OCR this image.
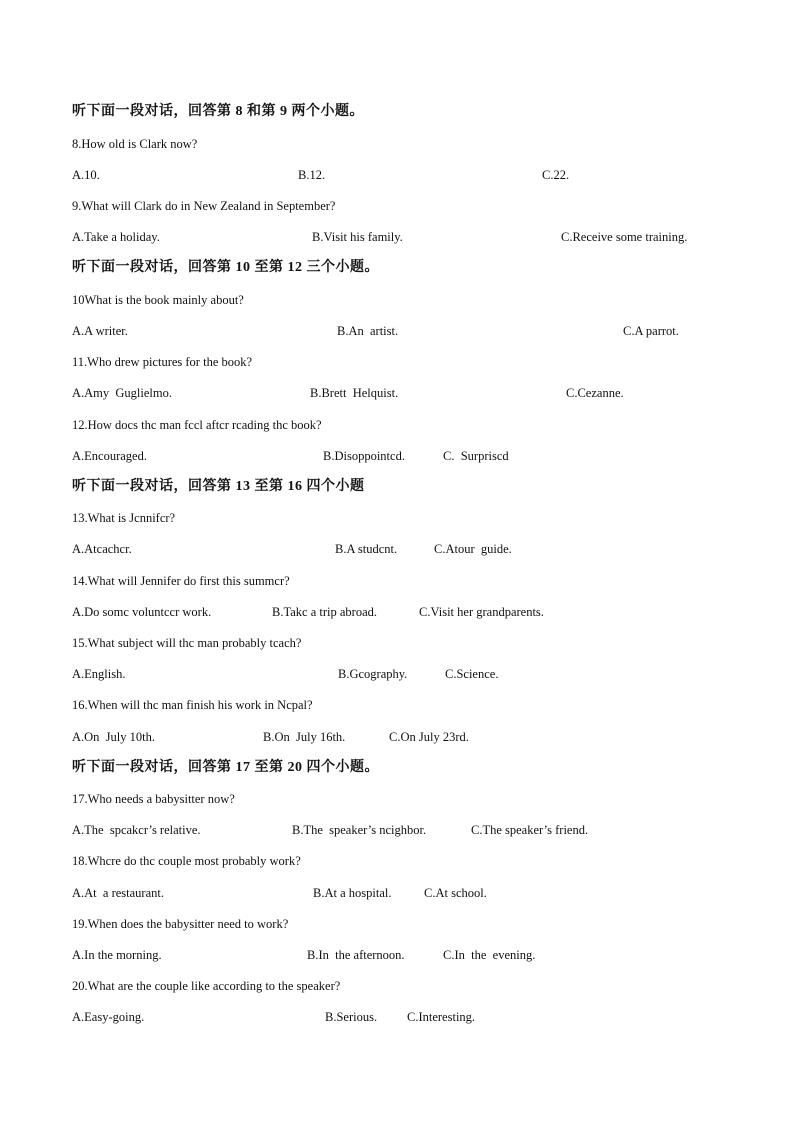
听下面一段对话，回答第 8 和第 9 两个小题。
8.How old is Clark now?

A.10.

	B.12.

	C.22.

9.What will Clark do in New Zealand in September?

A.Take a holiday.

	B.Visit his family.

	C.Receive some training.

听下面一段对话，回答第 10 至第 12 三个小题。
10What is the book mainly about?

A.A writer.

	B.An  artist.

	C.A parrot.

11.Who drew pictures for the book?

A.Amy  Guglielmo.

	B.Brett  Helquist.

	C.Cezanne.

12.How docs thc man fccl aftcr rcading thc book?

A.Encouraged.

	B.Disoppointcd.

	C.  Surpriscd

听下面一段对话，回答第 13 至第 16 四个小题
13.What is Jcnnifcr?

A.Atcachcr.

	B.A studcnt.

	C.Atour  guide.

14.What will Jennifer do first this summcr?

A.Do somc voluntccr work.

	B.Takc a trip abroad.

	C.Visit her grandparents.

15.What subject will thc man probably tcach?

A.English.

	B.Gcography.

	C.Science.

16.When will thc man finish his work in Ncpal?

A.On  July 10th.

	B.On  July 16th.

	C.On July 23rd.

听下面一段对话，回答第 17 至第 20 四个小题。
17.Who needs a babysitter now?

A.The  spcakcr’s relative.

	B.The  speaker’s ncighbor.

	C.The speaker’s friend.

18.Whcre do thc couple most probably work?

A.At  a restaurant.

	B.At a hospital.

	C.At school.

19.When does the babysitter need to work?

A.In the morning.

	B.In  the afternoon.

	C.In  the  evening.

20.What are the couple like according to the speaker?

A.Easy-going.

	B.Serious.

C.Interesting.
